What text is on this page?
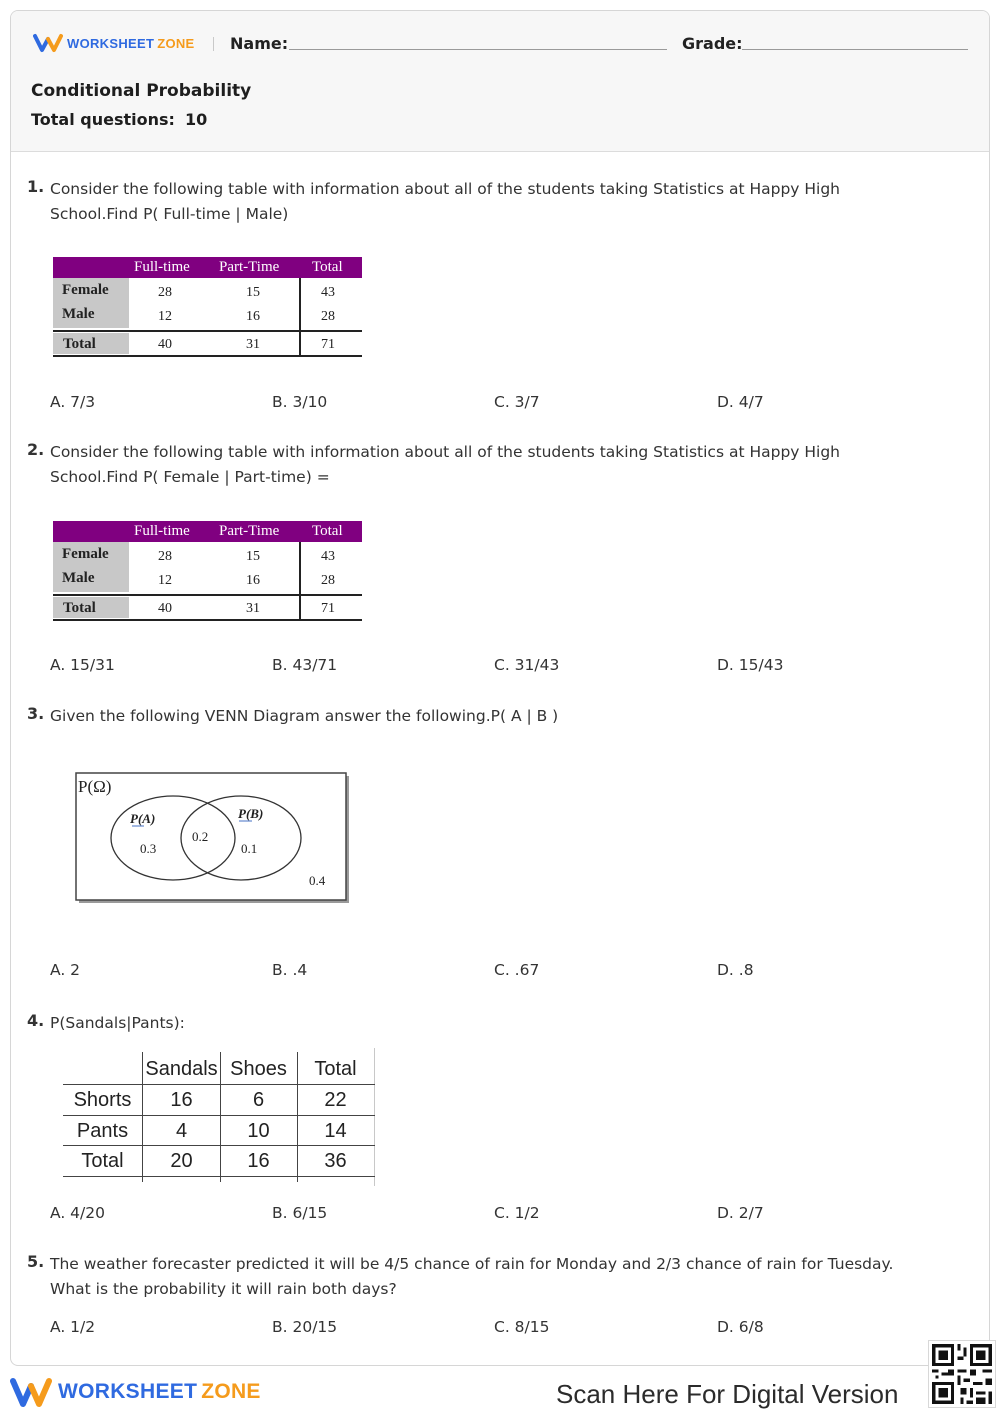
WORKSHEET ZONE Name:	Grade:
Conditional Probability
Total questions: 10
1. Consider the following table with information about all of the students taking Statistics at Happy High School.Find P( Full-time | Male)
Full-time Part-Time Total
Female	28	15	43
Male	12	16	28
Total	40	31	71
A. 7/3	B. 3/10	C. 3/7	D. 4/7
2. Consider the following table with information about all of the students taking Statistics at Happy High School.Find P( Female | Part-time) =
Full-time Part-Time Total
Female	28	15	43
Male	12	16	28
Total	40	31	71
A. 15/31	B. 43/71	C. 31/43	D. 15/43
3. Given the following VENN Diagram answer the following.P( A | B )
P(Ω)
P(A)	P(B)
0.3
0.2
0.1
0.4
A. 2	B. .4	C. .67	D. .8
4. P(Sandals|Pants):
Sandals Shoes	Total
Shorts	16	6	22
Pants	4	10	14
Total	20	16	36
A. 4/20	B. 6/15	C. 1/2	D. 2/7
5. The weather forecaster predicted it will be 4/5 chance of rain for Monday and 2/3 chance of rain for Tuesday. What is the probability it will rain both days?
A. 1/2	B. 20/15	C. 8/15	D. 6/8
WORKSHEET ZONE	Scan Here For Digital Version
